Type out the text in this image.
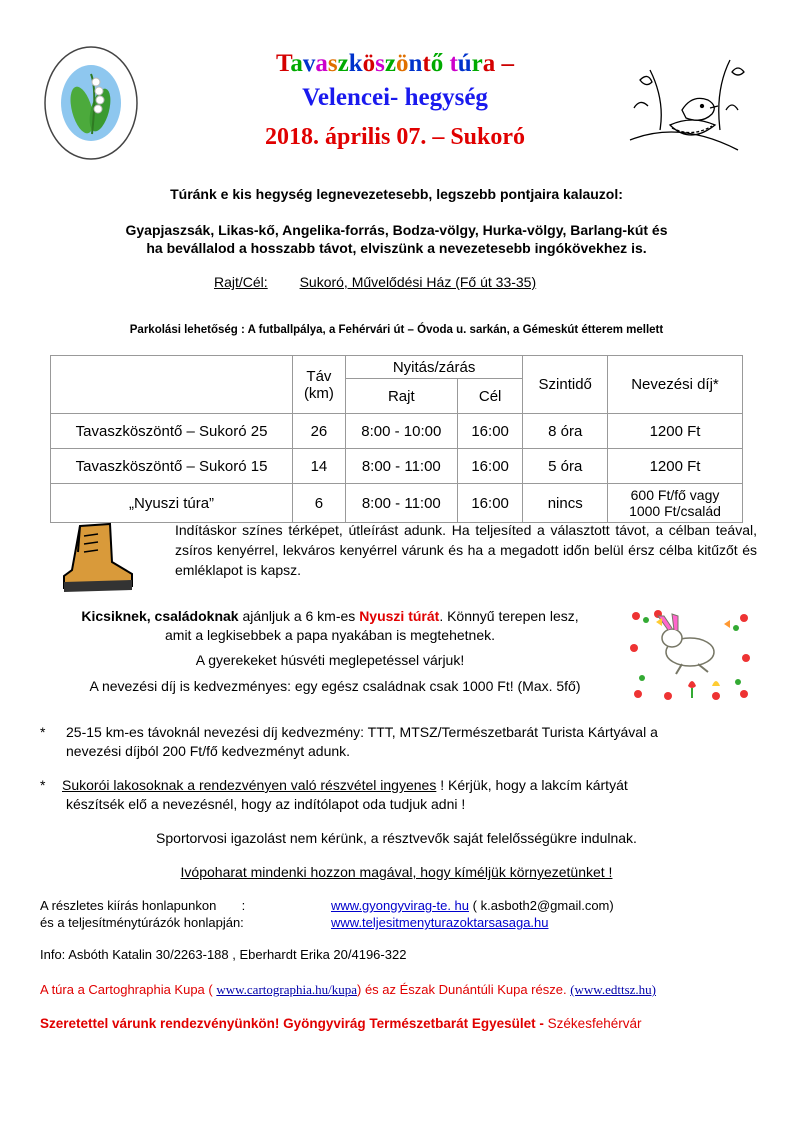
Tavaszköszöntő túra –
Velencei- hegység
2018. április 07. – Sukoró
Túránk e kis hegység legnevezetesebb, legszebb pontjaira kalauzol:
Gyapjaszsák, Likas-kő, Angelika-forrás, Bodza-völgy, Hurka-völgy, Barlang-kút és
ha bevállalod a hosszabb távot, elviszünk a nevezetesebb ingókövekhez is.
Rajt/Cél: Sukoró, Művelődési Ház (Fő út 33-35)
Parkolási lehetőség : A futballpálya, a Fehérvári út – Óvoda u. sarkán, a Gémeskút étterem mellett
	Táv
(km)	Nyitás/zárás		Szintidő	Nevezési díj*
		Rajt	Cél		
Tavaszköszöntő – Sukoró 25	26	8:00 - 10:00	16:00	8 óra	1200 Ft
Tavaszköszöntő – Sukoró 15	14	8:00 - 11:00	16:00	5 óra	1200 Ft
„Nyuszi túra”	6	8:00 - 11:00	16:00	nincs	600 Ft/fő vagy
1000 Ft/család
Indításkor színes térképet, útleírást adunk. Ha teljesíted a választott távot, a célban teával, zsíros kenyérrel, lekváros kenyérrel várunk és ha a megadott időn belül érsz célba kitűzőt és emléklapot is kapsz.
Kicsiknek, családoknak ajánljuk a 6 km-es Nyuszi túrát. Könnyű terepen lesz,
amit a legkisebbek a papa nyakában is megtehetnek.
A gyerekeket húsvéti meglepetéssel várjuk!
A nevezési díj is kedvezményes: egy egész családnak csak 1000 Ft! (Max. 5fő)
* 25-15 km-es távoknál nevezési díj kedvezmény: TTT, MTSZ/Természetbarát Turista Kártyával a
nevezési díjból 200 Ft/fő kedvezményt adunk.
* Sukorói lakosoknak a rendezvényen való részvétel ingyenes ! Kérjük, hogy a lakcím kártyát
készítsék elő a nevezésnél, hogy az indítólapot oda tudjuk adni !
Sportorvosi igazolást nem kérünk, a résztvevők saját felelősségükre indulnak.
Ivópoharat mindenki hozzon magával, hogy kíméljük környezetünket !
A részletes kiírás honlapunkon       :	www.gyongyvirag-te. hu ( k.asboth2@gmail.com)
és a teljesítménytúrázók honlapján:	www.teljesitmenyturazoktarsasaga.hu
Info: Asbóth Katalin 30/2263-188 , Eberhardt Erika 20/4196-322
A túra a Cartoghraphia Kupa ( www.cartographia.hu/kupa) és az Észak Dunántúli Kupa része. (www.edttsz.hu)
Szeretettel várunk rendezvényünkön! Gyöngyvirág Természetbarát Egyesület - Székesfehérvár
